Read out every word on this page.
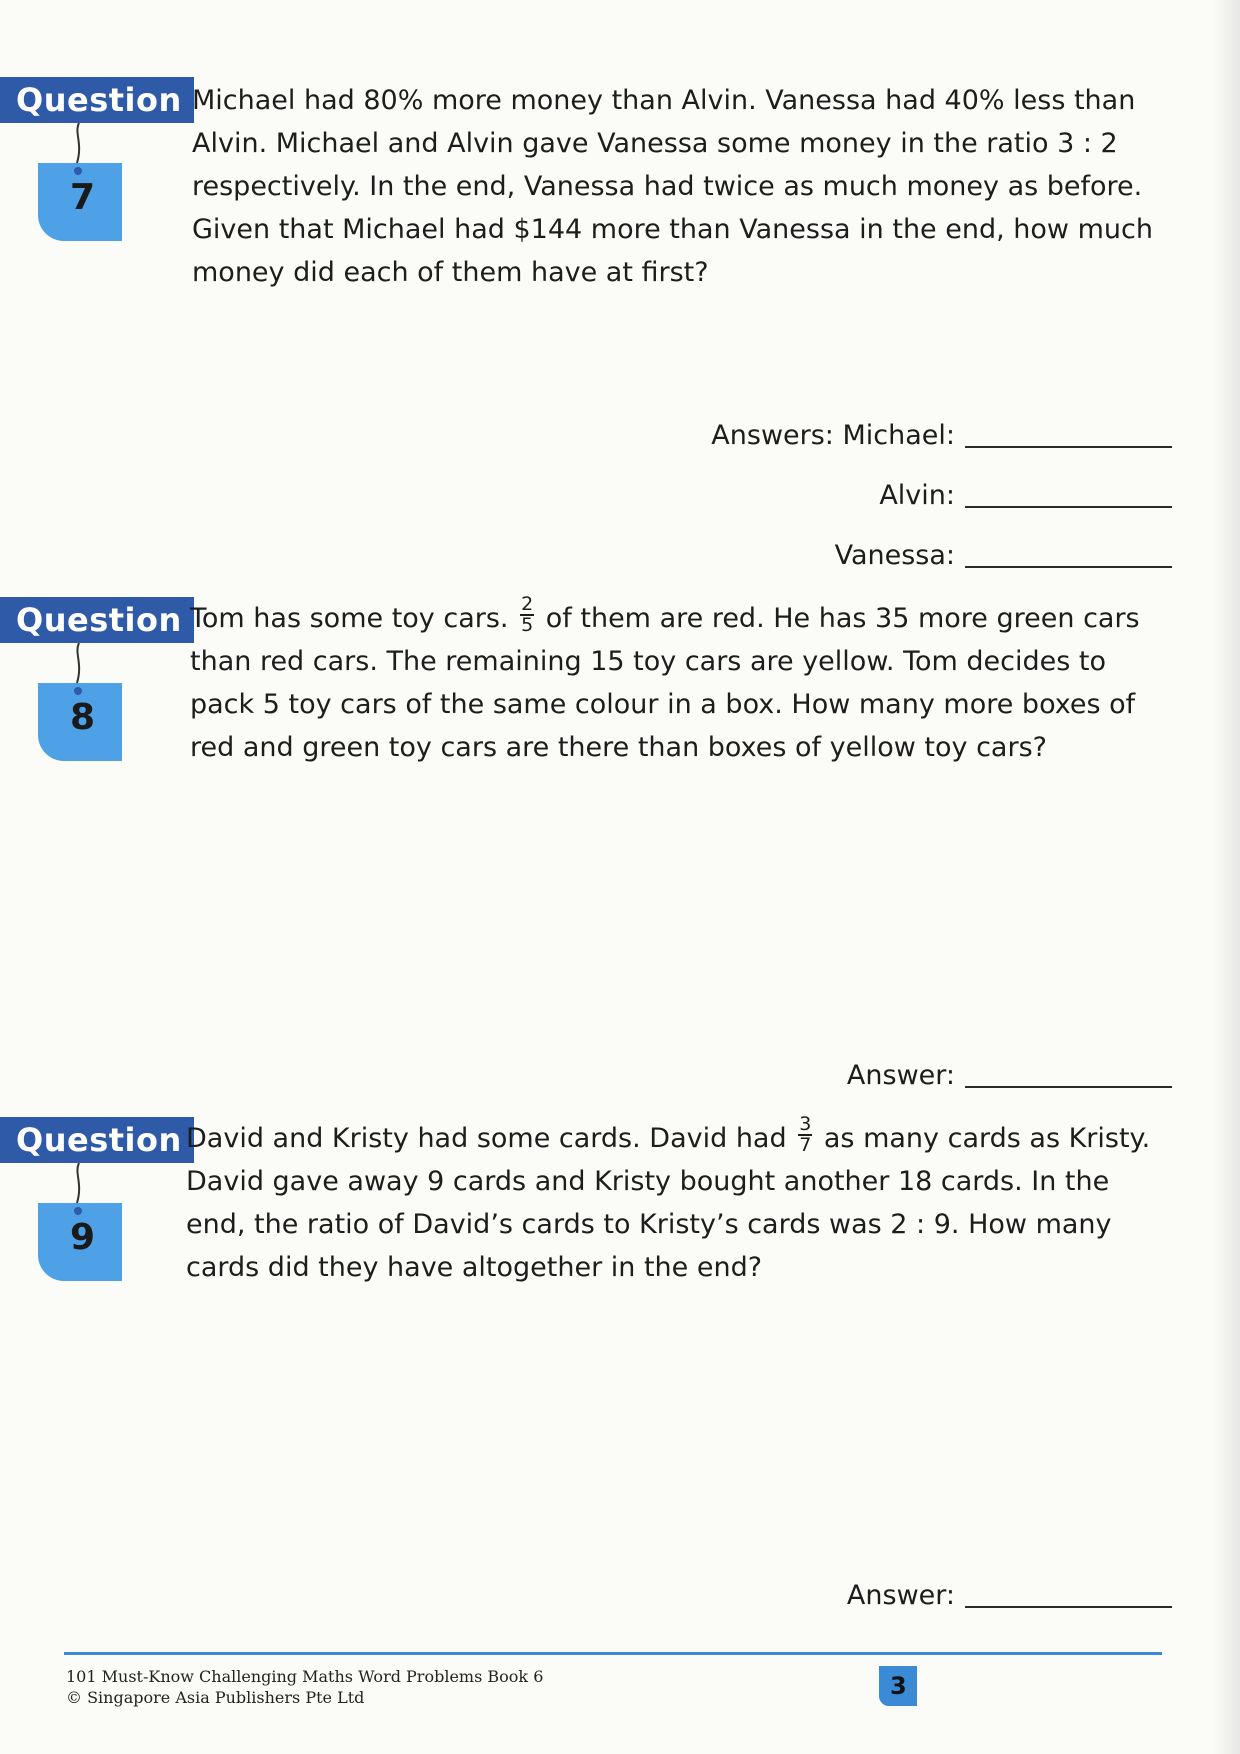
Question
7
Michael had 80% more money than Alvin. Vanessa had 40% less than Alvin. Michael and Alvin gave Vanessa some money in the ratio 3 : 2 respectively. In the end, Vanessa had twice as much money as before. Given that Michael had $144 more than Vanessa in the end, how much money did each of them have at first?
Answers: Michael:
Alvin:
Vanessa:
Question
8
Tom has some toy cars. $\frac{2}{5}$ of them are red. He has 35 more green cars than red cars. The remaining 15 toy cars are yellow. Tom decides to pack 5 toy cars of the same colour in a box. How many more boxes of red and green toy cars are there than boxes of yellow toy cars?
Answer:
Question
9
David and Kristy had some cards. David had $\frac{3}{7}$ as many cards as Kristy. David gave away 9 cards and Kristy bought another 18 cards. In the end, the ratio of David’s cards to Kristy’s cards was 2 : 9. How many cards did they have altogether in the end?
Answer:
101 Must-Know Challenging Maths Word Problems Book 6
© Singapore Asia Publishers Pte Ltd	3
